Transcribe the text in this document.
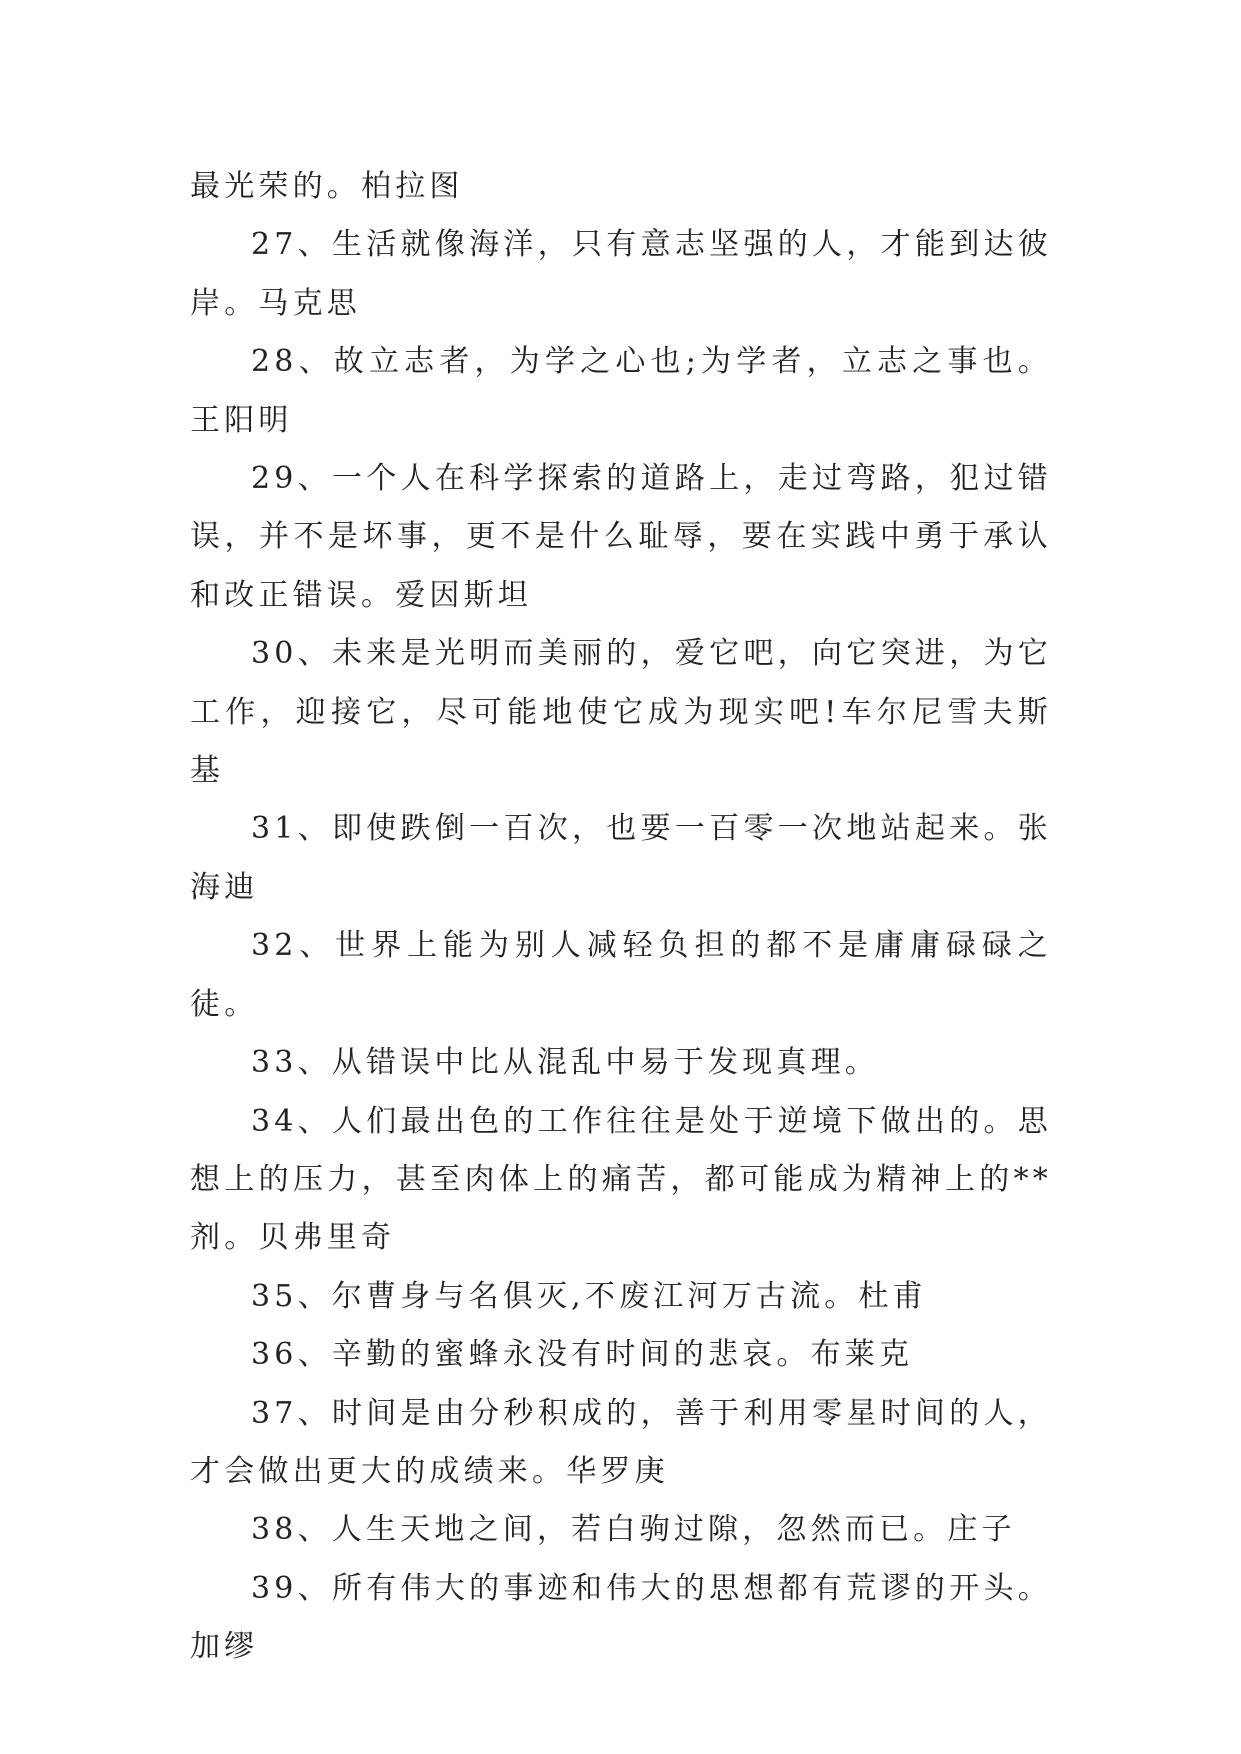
最光荣的。柏拉图

27、生活就像海洋，只有意志坚强的人，才能到达彼岸。马克思

28、故立志者，为学之心也;为学者，立志之事也。王阳明

29、一个人在科学探索的道路上，走过弯路，犯过错误，并不是坏事，更不是什么耻辱，要在实践中勇于承认和改正错误。爱因斯坦

30、未来是光明而美丽的，爱它吧，向它突进，为它工作，迎接它，尽可能地使它成为现实吧!车尔尼雪夫斯基

31、即使跌倒一百次，也要一百零一次地站起来。张海迪

32、世界上能为别人减轻负担的都不是庸庸碌碌之徒。

33、从错误中比从混乱中易于发现真理。

34、人们最出色的工作往往是处于逆境下做出的。思想上的压力，甚至肉体上的痛苦，都可能成为精神上的**剂。贝弗里奇

35、尔曹身与名俱灭,不废江河万古流。杜甫

36、辛勤的蜜蜂永没有时间的悲哀。布莱克

37、时间是由分秒积成的，善于利用零星时间的人，才会做出更大的成绩来。华罗庚

38、人生天地之间，若白驹过隙，忽然而已。庄子

39、所有伟大的事迹和伟大的思想都有荒谬的开头。加缪
